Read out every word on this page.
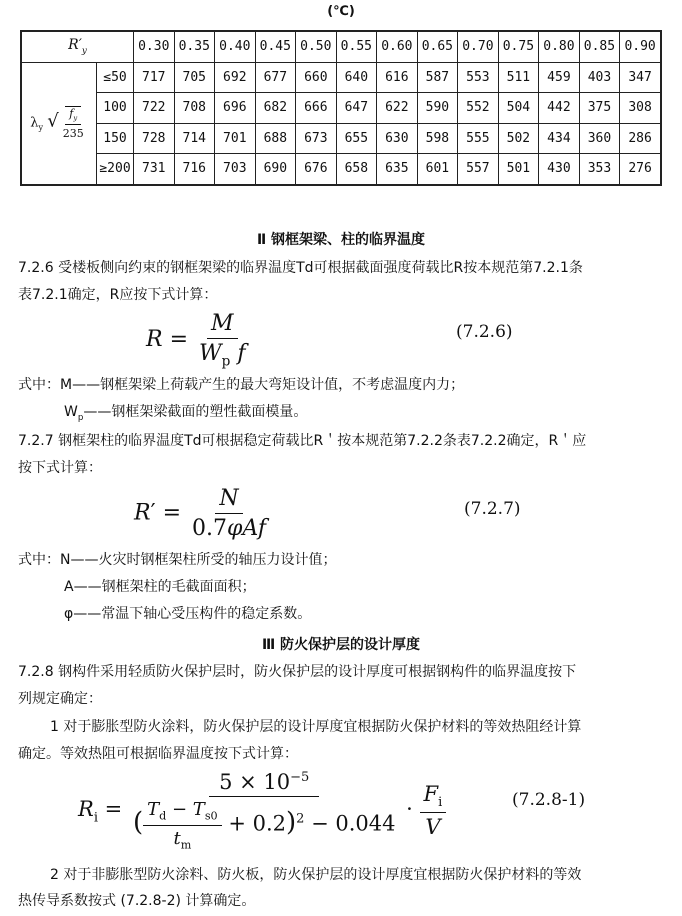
(℃)
$R'_y$		0.30	0.35	0.40	0.45	0.50	0.55	0.60	0.65	0.70	0.75	0.80	0.85	0.90
$\lambda_y$ √ $\frac{f_y}{235}$	≤50	717	705	692	677	660	640	616	587	553	511	459	403	347
	100	722	708	696	682	666	647	622	590	552	504	442	375	308
	150	728	714	701	688	673	655	630	598	555	502	434	360	286
	≥200	731	716	703	690	676	658	635	601	557	501	430	353	276
Ⅱ 钢框架梁、柱的临界温度
7.2.6 受楼板侧向约束的钢框架梁的临界温度Td可根据截面强度荷载比R按本规范第7.2.1条
表7.2.1确定，R应按下式计算：
$R = \frac{M}{W_p f}$	(7.2.6)
式中：M——钢框架梁上荷载产生的最大弯矩设计值，不考虑温度内力；
$W_p——$钢框架梁截面的塑性截面模量。
7.2.7 钢框架柱的临界温度Td可根据稳定荷载比R＇按本规范第7.2.2条表7.2.2确定，R＇应
按下式计算：
$R' = \frac{N}{\text{0.7φAf}}$	(7.2.7)
式中：N——火灾时钢框架柱所受的轴压力设计值；
A——钢框架柱的毛截面面积；
φ——常温下轴心受压构件的稳定系数。
Ⅲ 防火保护层的设计厚度
7.2.8 钢构件采用轻质防火保护层时，防火保护层的设计厚度可根据钢构件的临界温度按下
列规定确定：
1 对于膨胀型防火涂料，防火保护层的设计厚度宜根据防火保护材料的等效热阻经计算
确定。等效热阻可根据临界温度按下式计算：
$R_i = \frac{5 \times 10^{-5}}{( \frac{T_d - T_{s0}}{t_m} + 0.2)^2 - 0.044} \cdot \frac{F_i}{V}$	(7.2.8-1)
2 对于非膨胀型防火涂料、防火板，防火保护层的设计厚度宜根据防火保护材料的等效
热传导系数按式 (7.2.8-2) 计算确定。
